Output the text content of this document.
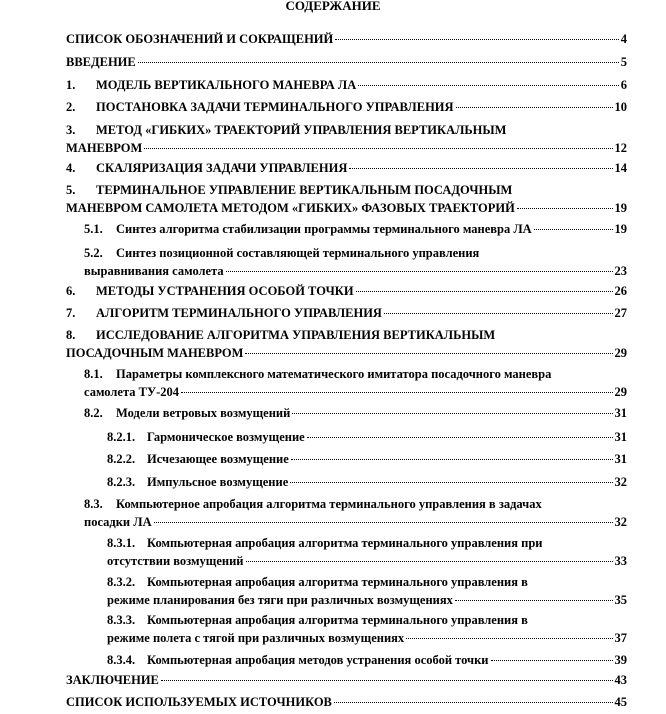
СОДЕРЖАНИЕ
СПИСОК ОБОЗНАЧЕНИЙ И СОКРАЩЕНИЙ	4
ВВЕДЕНИЕ	5
1.	МОДЕЛЬ ВЕРТИКАЛЬНОГО МАНЕВРА ЛА	6
2.	ПОСТАНОВКА ЗАДАЧИ ТЕРМИНАЛЬНОГО УПРАВЛЕНИЯ	10
3. МЕТОД «ГИБКИХ» ТРАЕКТОРИЙ УПРАВЛЕНИЯ ВЕРТИКАЛЬНЫМ
МАНЕВРОМ	12
4.	СКАЛЯРИЗАЦИЯ ЗАДАЧИ УПРАВЛЕНИЯ	14
5. ТЕРМИНАЛЬНОЕ УПРАВЛЕНИЕ ВЕРТИКАЛЬНЫМ ПОСАДОЧНЫМ
МАНЕВРОМ САМОЛЕТА МЕТОДОМ «ГИБКИХ» ФАЗОВЫХ ТРАЕКТОРИЙ	19
5.1.	Синтез алгоритма стабилизации программы терминального маневра ЛА	19
5.2. Синтез позиционной составляющей терминального управления
выравнивания самолета	23
6.	МЕТОДЫ УСТРАНЕНИЯ ОСОБОЙ ТОЧКИ	26
7.	АЛГОРИТМ ТЕРМИНАЛЬНОГО УПРАВЛЕНИЯ	27
8. ИССЛЕДОВАНИЕ АЛГОРИТМА УПРАВЛЕНИЯ ВЕРТИКАЛЬНЫМ
ПОСАДОЧНЫМ МАНЕВРОМ	29
8.1. Параметры комплексного математического имитатора посадочного маневра
самолета ТУ-204	29
8.2.	Модели ветровых возмущений	31
8.2.1. Гармоническое возмущение	31
8.2.2. Исчезающее возмущение	31
8.2.3. Импульсное возмущение	32
8.3. Компьютерное апробация алгоритма терминального управления в задачах
посадки ЛА	32
8.3.1. Компьютерная апробация алгоритма терминального управления при
отсутствии возмущений	33
8.3.2. Компьютерная апробация алгоритма терминального управления в
режиме планирования без тяги при различных возмущениях	35
8.3.3. Компьютерная апробация алгоритма терминального управления в
режиме полета с тягой при различных возмущениях	37
8.3.4. Компьютерная апробация методов устранения особой точки	39
ЗАКЛЮЧЕНИЕ	43
СПИСОК ИСПОЛЬЗУЕМЫХ ИСТОЧНИКОВ	45
